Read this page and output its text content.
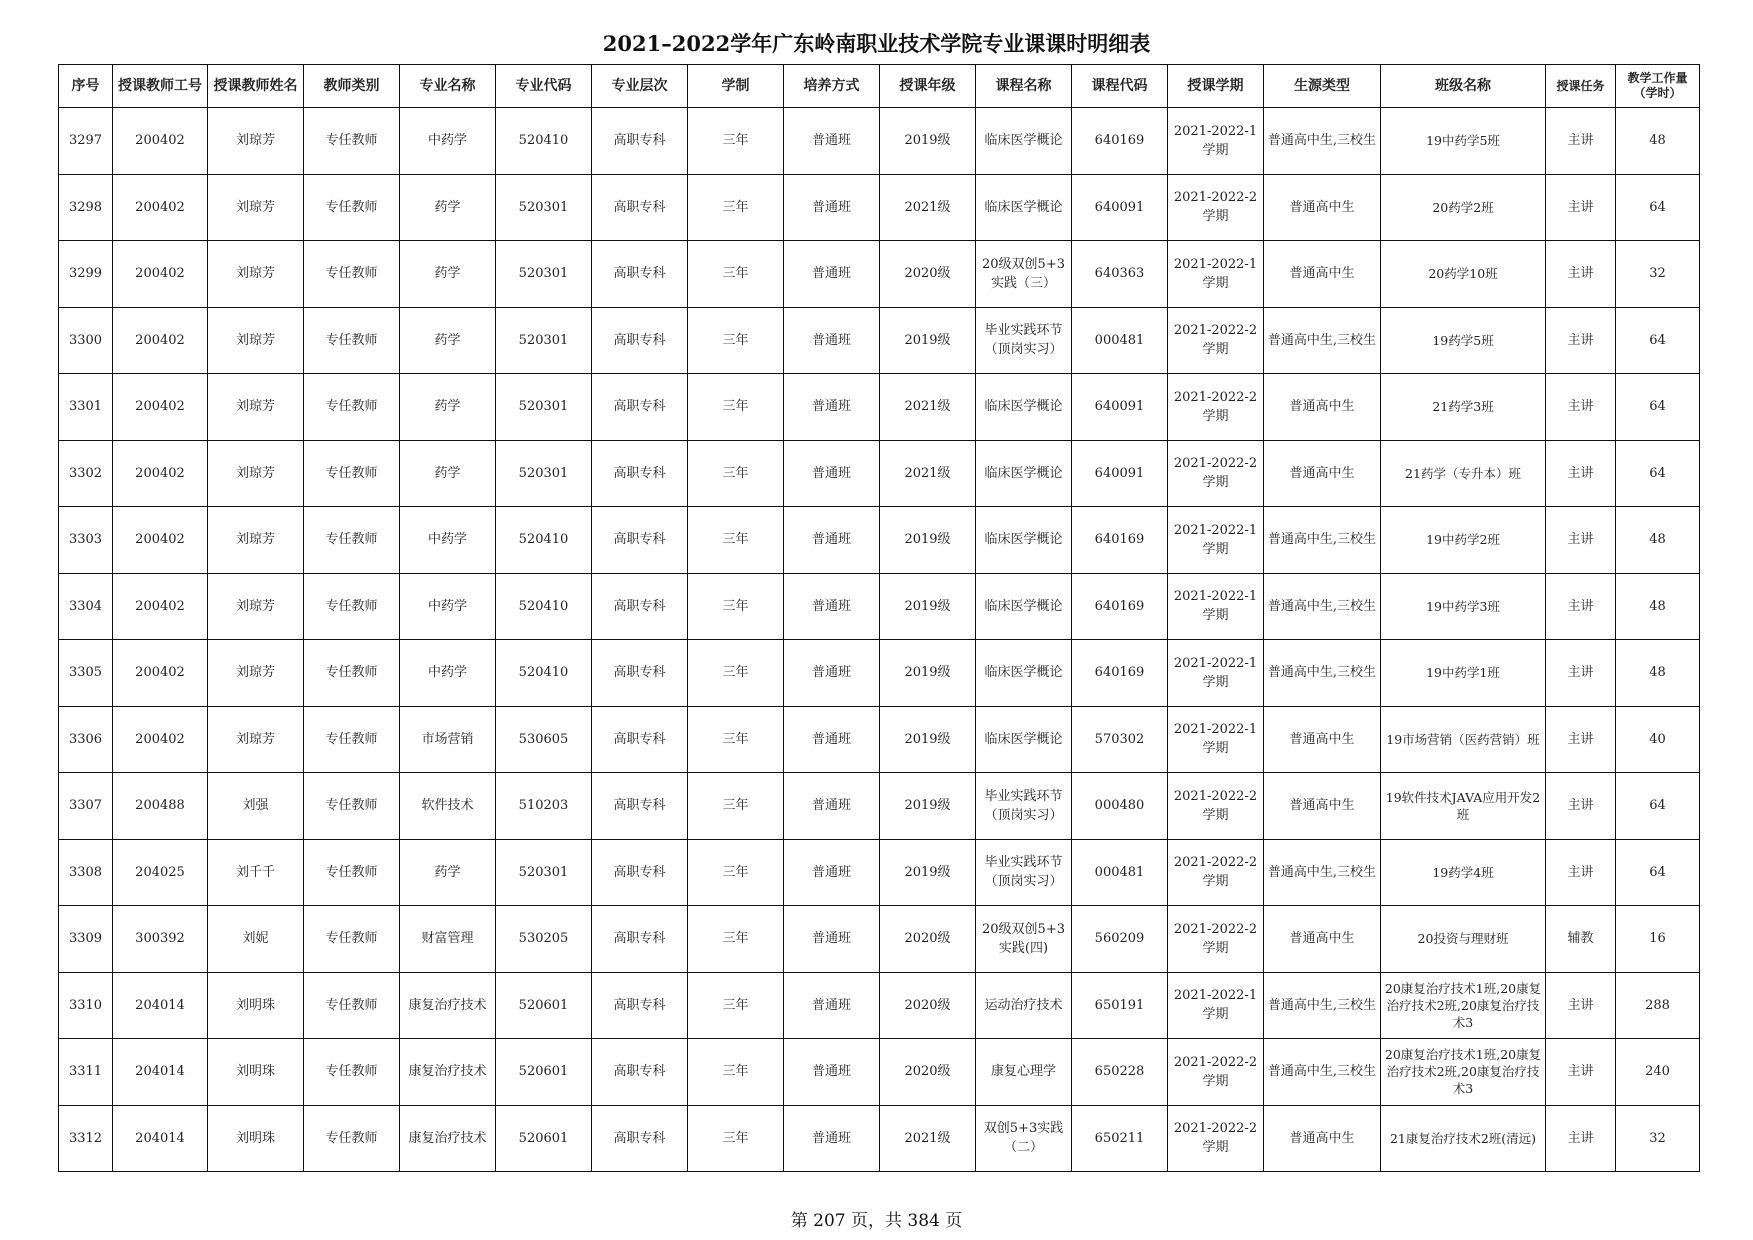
2021–2022学年广东岭南职业技术学院专业课课时明细表
序号	授课教师工号	授课教师姓名	教师类别	专业名称	专业代码	专业层次	学制	培养方式	授课年级	课程名称	课程代码	授课学期	生源类型	班级名称	授课任务	教学工作量（学时）

3297	200402	刘琼芳	专任教师	中药学	520410	高职专科	三年	普通班	2019级	临床医学概论	640169	2021-2022-1学期	普通高中生,三校生	19中药学5班	主讲	48

3298	200402	刘琼芳	专任教师	药学	520301	高职专科	三年	普通班	2021级	临床医学概论	640091	2021-2022-2学期	普通高中生	20药学2班	主讲	64

3299	200402	刘琼芳	专任教师	药学	520301	高职专科	三年	普通班	2020级	20级双创5+3实践（三）	640363	2021-2022-1学期	普通高中生	20药学10班	主讲	32

3300	200402	刘琼芳	专任教师	药学	520301	高职专科	三年	普通班	2019级	毕业实践环节（顶岗实习）	000481	2021-2022-2学期	普通高中生,三校生	19药学5班	主讲	64

3301	200402	刘琼芳	专任教师	药学	520301	高职专科	三年	普通班	2021级	临床医学概论	640091	2021-2022-2学期	普通高中生	21药学3班	主讲	64

3302	200402	刘琼芳	专任教师	药学	520301	高职专科	三年	普通班	2021级	临床医学概论	640091	2021-2022-2学期	普通高中生	21药学（专升本）班	主讲	64

3303	200402	刘琼芳	专任教师	中药学	520410	高职专科	三年	普通班	2019级	临床医学概论	640169	2021-2022-1学期	普通高中生,三校生	19中药学2班	主讲	48

3304	200402	刘琼芳	专任教师	中药学	520410	高职专科	三年	普通班	2019级	临床医学概论	640169	2021-2022-1学期	普通高中生,三校生	19中药学3班	主讲	48

3305	200402	刘琼芳	专任教师	中药学	520410	高职专科	三年	普通班	2019级	临床医学概论	640169	2021-2022-1学期	普通高中生,三校生	19中药学1班	主讲	48

3306	200402	刘琼芳	专任教师	市场营销	530605	高职专科	三年	普通班	2019级	临床医学概论	570302	2021-2022-1学期	普通高中生	19市场营销（医药营销）班	主讲	40

3307	200488	刘强	专任教师	软件技术	510203	高职专科	三年	普通班	2019级	毕业实践环节（顶岗实习）	000480	2021-2022-2学期	普通高中生	19软件技术JAVA应用开发2班	主讲	64

3308	204025	刘千千	专任教师	药学	520301	高职专科	三年	普通班	2019级	毕业实践环节（顶岗实习）	000481	2021-2022-2学期	普通高中生,三校生	19药学4班	主讲	64

3309	300392	刘妮	专任教师	财富管理	530205	高职专科	三年	普通班	2020级	20级双创5+3实践(四)	560209	2021-2022-2学期	普通高中生	20投资与理财班	辅教	16

3310	204014	刘明珠	专任教师	康复治疗技术	520601	高职专科	三年	普通班	2020级	运动治疗技术	650191	2021-2022-1学期	普通高中生,三校生	20康复治疗技术1班,20康复治疗技术2班,20康复治疗技术3	主讲	288

3311	204014	刘明珠	专任教师	康复治疗技术	520601	高职专科	三年	普通班	2020级	康复心理学	650228	2021-2022-2学期	普通高中生,三校生	20康复治疗技术1班,20康复治疗技术2班,20康复治疗技术3	主讲	240

3312	204014	刘明珠	专任教师	康复治疗技术	520601	高职专科	三年	普通班	2021级	双创5+3实践（二）	650211	2021-2022-2学期	普通高中生	21康复治疗技术2班(清远)	主讲	32
第 207 页，共 384 页
